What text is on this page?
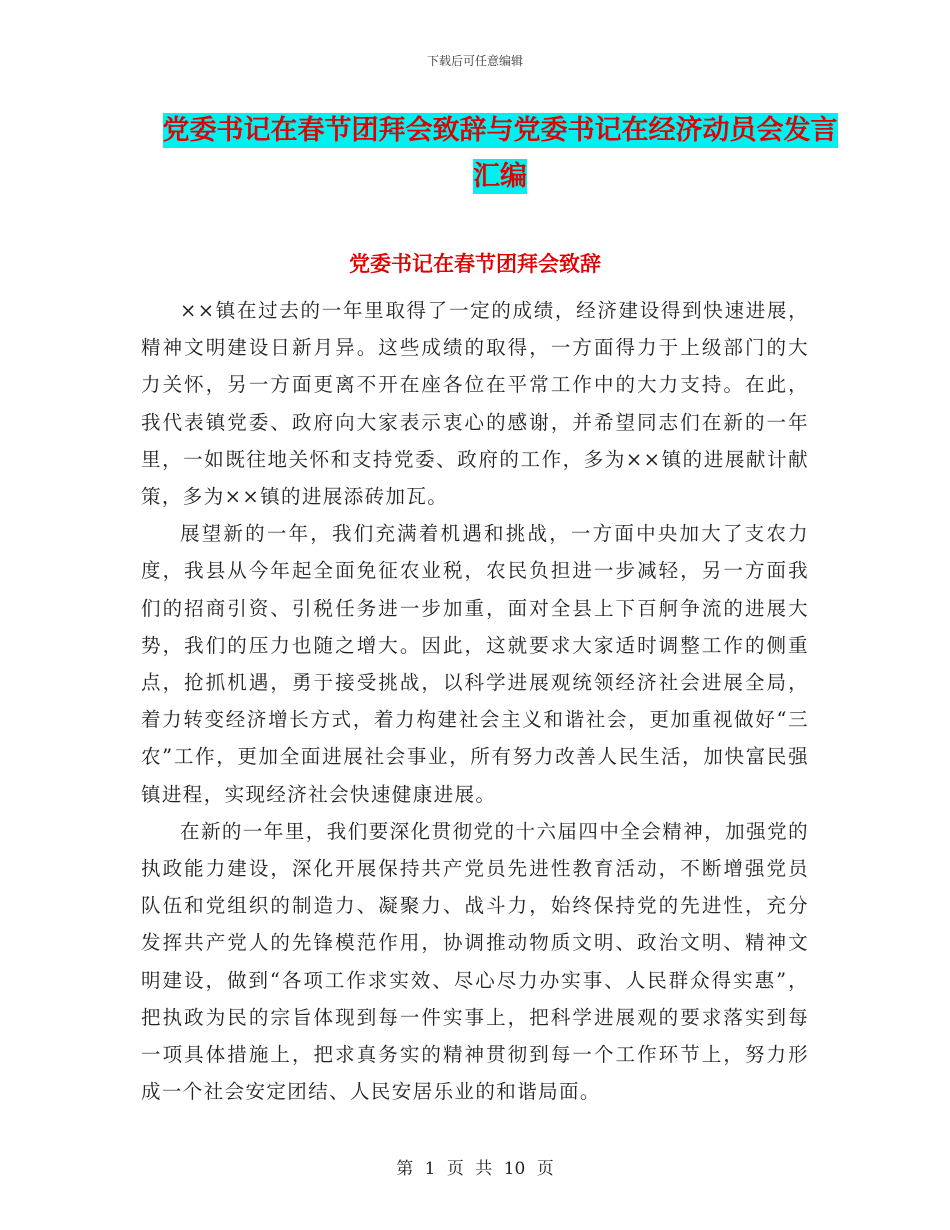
下载后可任意编辑
党委书记在春节团拜会致辞与党委书记在经济动员会发言汇编
党委书记在春节团拜会致辞

××镇在过去的一年里取得了一定的成绩，经济建设得到快速进展，精神文明建设日新月异。这些成绩的取得，一方面得力于上级部门的大力关怀，另一方面更离不开在座各位在平常工作中的大力支持。在此，我代表镇党委、政府向大家表示衷心的感谢，并希望同志们在新的一年里，一如既往地关怀和支持党委、政府的工作，多为××镇的进展献计献策，多为××镇的进展添砖加瓦。

展望新的一年，我们充满着机遇和挑战，一方面中央加大了支农力度，我县从今年起全面免征农业税，农民负担进一步减轻，另一方面我们的招商引资、引税任务进一步加重，面对全县上下百舸争流的进展大势，我们的压力也随之增大。因此，这就要求大家适时调整工作的侧重点，抢抓机遇，勇于接受挑战，以科学进展观统领经济社会进展全局，着力转变经济增长方式，着力构建社会主义和谐社会，更加重视做好“三农”工作，更加全面进展社会事业，所有努力改善人民生活，加快富民强镇进程，实现经济社会快速健康进展。

在新的一年里，我们要深化贯彻党的十六届四中全会精神，加强党的执政能力建设，深化开展保持共产党员先进性教育活动，不断增强党员队伍和党组织的制造力、凝聚力、战斗力，始终保持党的先进性，充分发挥共产党人的先锋模范作用，协调推动物质文明、政治文明、精神文明建设，做到“各项工作求实效、尽心尽力办实事、人民群众得实惠”，把执政为民的宗旨体现到每一件实事上，把科学进展观的要求落实到每一项具体措施上，把求真务实的精神贯彻到每一个工作环节上，努力形成一个社会安定团结、人民安居乐业的和谐局面。

第 1 页 共 10 页
